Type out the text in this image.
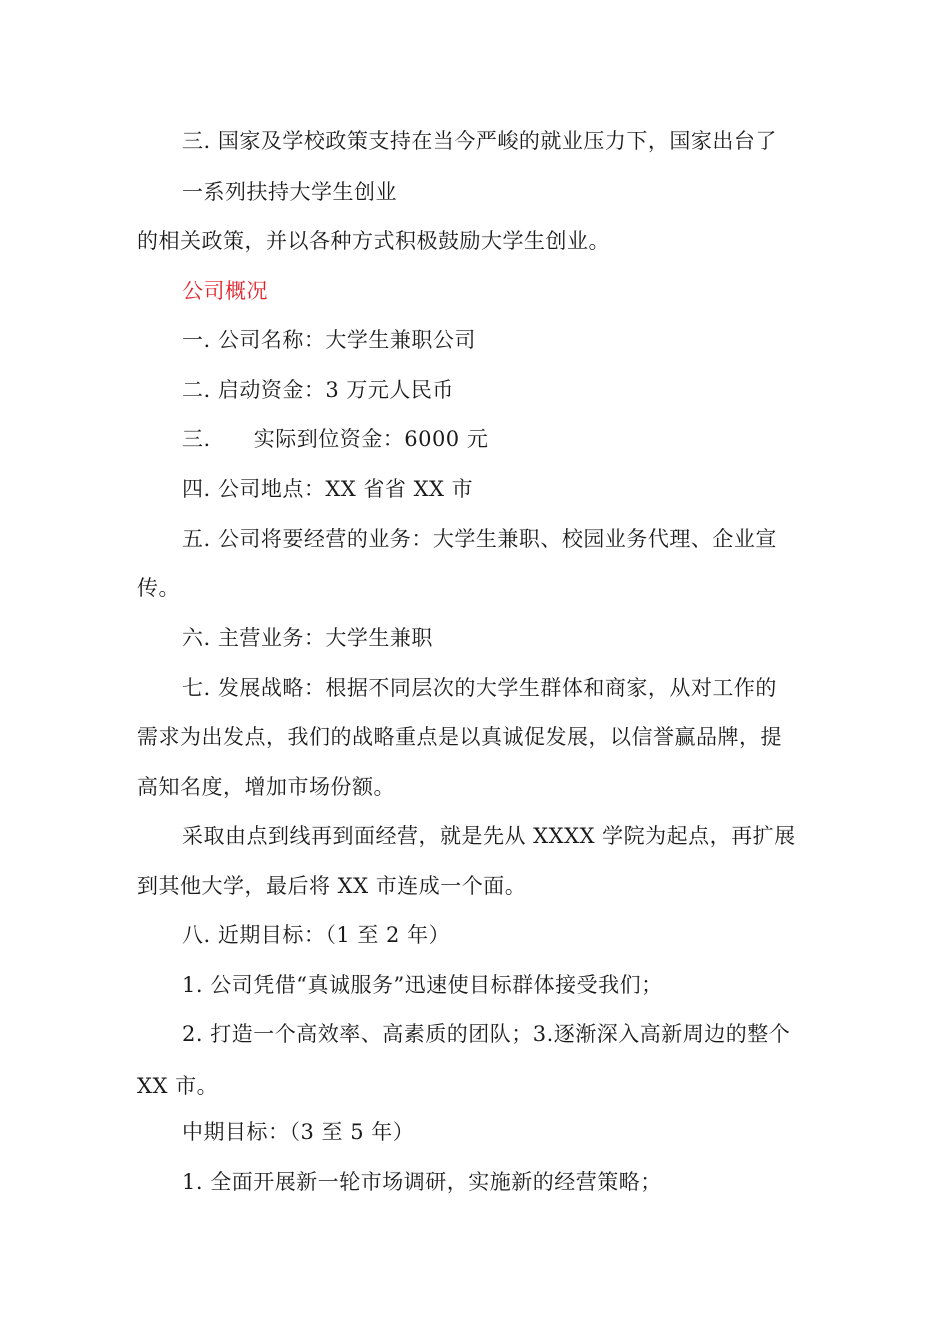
三. 国家及学校政策支持在当今严峻的就业压力下，国家出台了
一系列扶持大学生创业
的相关政策，并以各种方式积极鼓励大学生创业。
公司概况
一. 公司名称：大学生兼职公司
二. 启动资金：3 万元人民币
三.      实际到位资金：6000 元
四. 公司地点：XX 省省 XX 市
五. 公司将要经营的业务：大学生兼职、校园业务代理、企业宣
传。
六. 主营业务：大学生兼职
七. 发展战略：根据不同层次的大学生群体和商家，从对工作的
需求为出发点，我们的战略重点是以真诚促发展，以信誉赢品牌，提
高知名度，增加市场份额。
采取由点到线再到面经营，就是先从 XXXX 学院为起点，再扩展
到其他大学，最后将 XX 市连成一个面。
八. 近期目标：（1 至 2 年）
1. 公司凭借“真诚服务”迅速使目标群体接受我们；
2. 打造一个高效率、高素质的团队；3.逐渐深入高新周边的整个
XX 市。
中期目标：（3 至 5 年）
1. 全面开展新一轮市场调研，实施新的经营策略；
